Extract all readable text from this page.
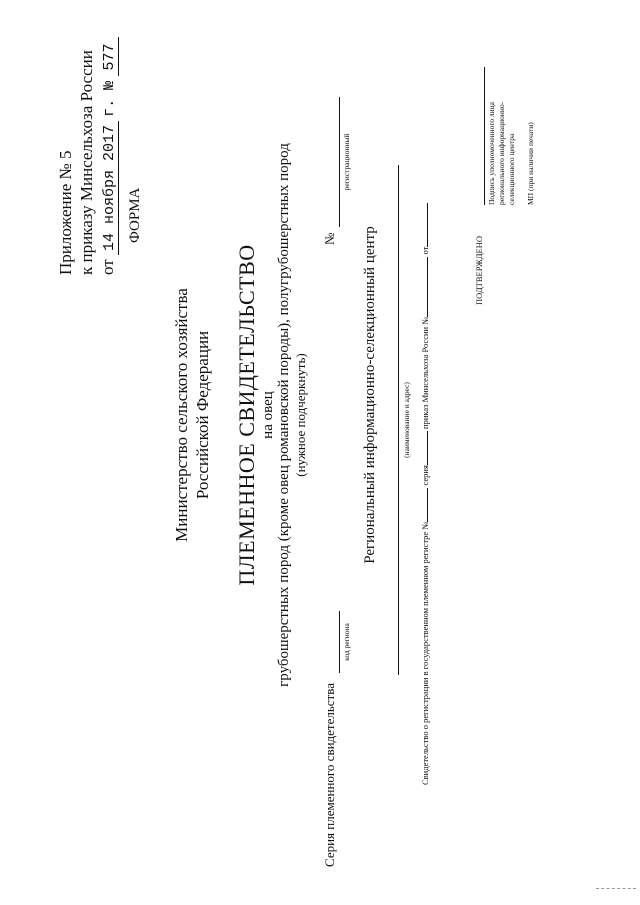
Приложение № 5 к приказу Минсельхоза России от 14 ноября 2017 г. № 577
ФОРМА
Министерство сельского хозяйства Российской Федерации ПЛЕМЕННОЕ СВИДЕТЕЛЬСТВО на овец грубошерстных пород (кроме овец романовской породы), полугрубошерстных пород (нужное подчеркнуть)
Серия племенного свидетельства
код региона
№
регистрационный
Региональный информационно-селекционный центр	(наименование и адрес)
Свидетельство о регистрации в государственном племенном регистре № серия приказ Минсельхоза России № от	ПОДТВЕРЖДЕНО
Подпись уполномоченного лица регионального информационно- селекционного центра МП (при наличии печати)
